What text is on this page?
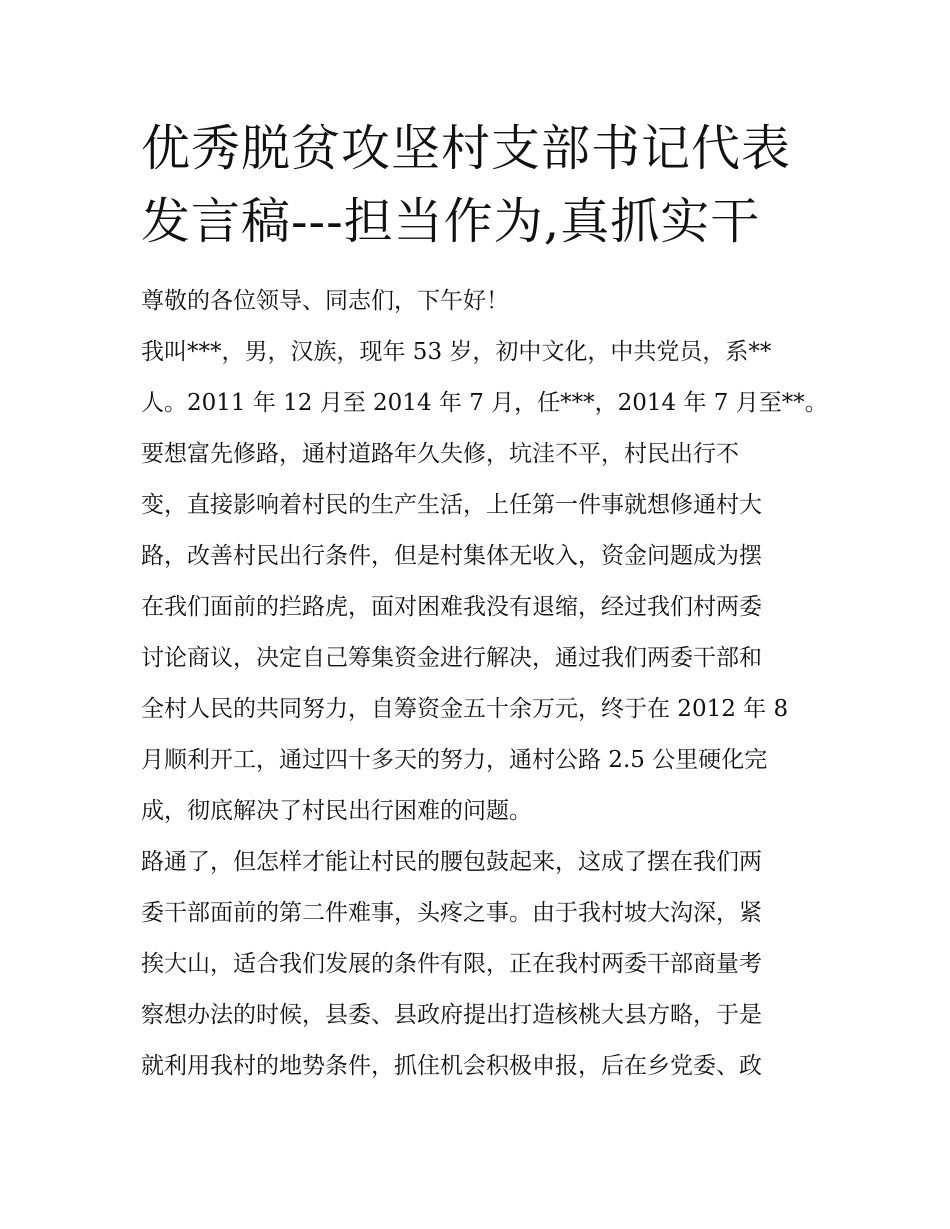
优秀脱贫攻坚村支部书记代表
发言稿---担当作为,真抓实干

尊敬的各位领导、同志们，下午好！

我叫***，男，汉族，现年 53 岁，初中文化，中共党员，系**
人。2011 年 12 月至 2014 年 7 月，任***，2014 年 7 月至**。

要想富先修路，通村道路年久失修，坑洼不平，村民出行不
变，直接影响着村民的生产生活，上任第一件事就想修通村大
路，改善村民出行条件，但是村集体无收入，资金问题成为摆
在我们面前的拦路虎，面对困难我没有退缩，经过我们村两委
讨论商议，决定自己筹集资金进行解决，通过我们两委干部和
全村人民的共同努力，自筹资金五十余万元，终于在 2012 年 8
月顺利开工，通过四十多天的努力，通村公路 2.5 公里硬化完
成，彻底解决了村民出行困难的问题。

路通了，但怎样才能让村民的腰包鼓起来，这成了摆在我们两
委干部面前的第二件难事，头疼之事。由于我村坡大沟深，紧
挨大山，适合我们发展的条件有限，正在我村两委干部商量考
察想办法的时候，县委、县政府提出打造核桃大县方略，于是
就利用我村的地势条件，抓住机会积极申报，后在乡党委、政
